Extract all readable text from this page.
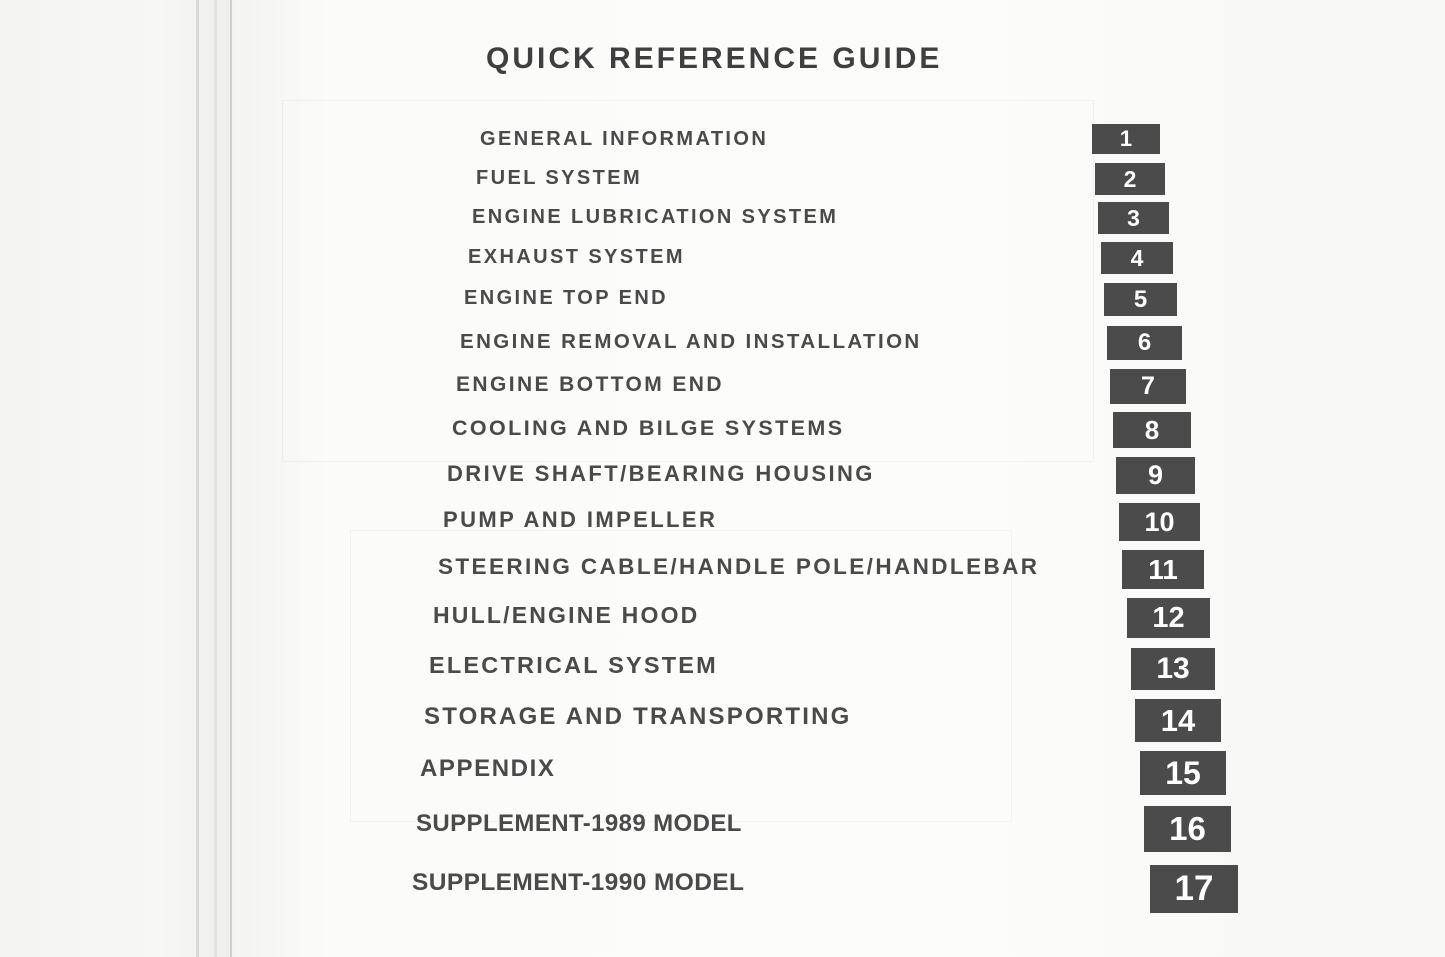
QUICK REFERENCE GUIDE
GENERAL INFORMATION	1
FUEL SYSTEM	2
ENGINE LUBRICATION SYSTEM	3
EXHAUST SYSTEM	4
ENGINE TOP END	5
ENGINE REMOVAL AND INSTALLATION	6
ENGINE BOTTOM END	7
COOLING AND BILGE SYSTEMS	8
DRIVE SHAFT/BEARING HOUSING	9
PUMP AND IMPELLER	10
STEERING CABLE/HANDLE POLE/HANDLEBAR	11
HULL/ENGINE HOOD	12
ELECTRICAL SYSTEM	13
STORAGE AND TRANSPORTING	14
APPENDIX	15
SUPPLEMENT-1989 MODEL	16
SUPPLEMENT-1990 MODEL	17
